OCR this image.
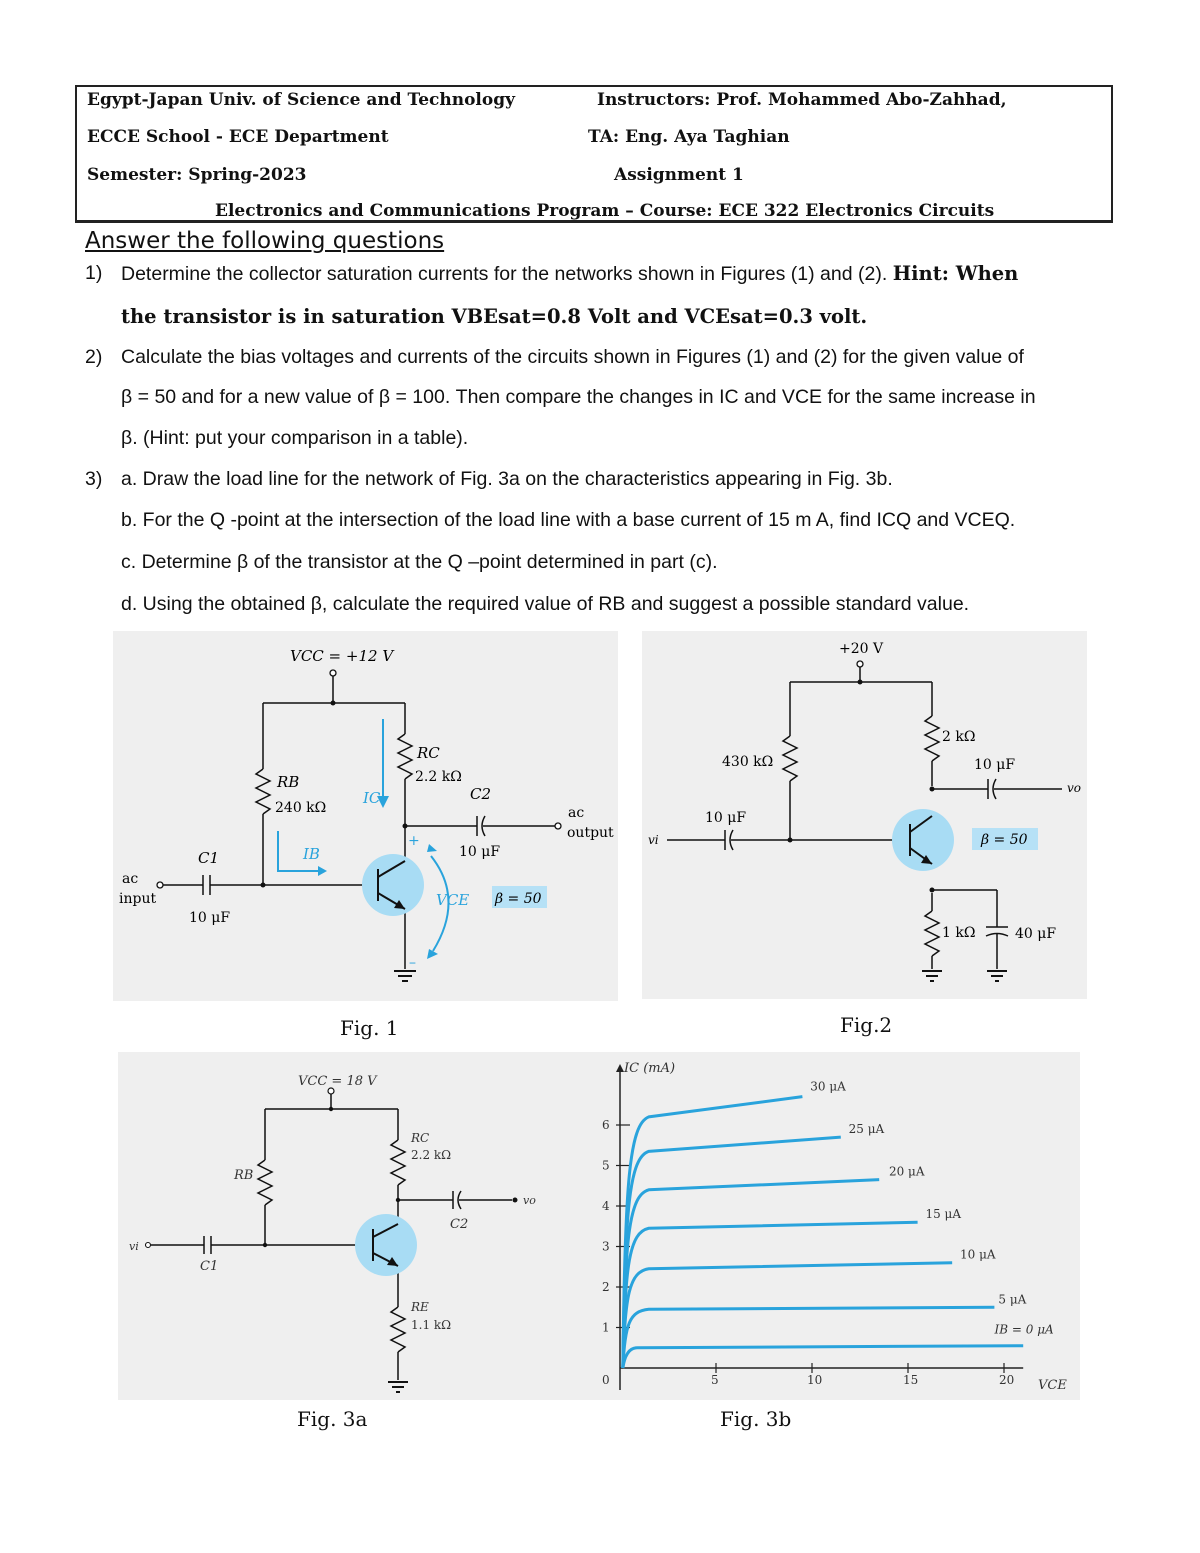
Egypt-Japan Univ. of Science and Technology	Instructors: Prof. Mohammed Abo-Zahhad,
ECCE School - ECE Department	TA: Eng. Aya Taghian
Semester: Spring-2023	Assignment 1
Electronics and Communications Program – Course: ECE 322 Electronics Circuits
Answer the following questions
1) Determine the collector saturation currents for the networks shown in Figures (1) and (2). Hint: When
the transistor is in saturation VBEsat=0.8 Volt and VCEsat=0.3 volt.
2) Calculate the bias voltages and currents of the circuits shown in Figures (1) and (2) for the given value of
β = 50 and for a new value of β = 100. Then compare the changes in IC and VCE for the same increase in
β. (Hint: put your comparison in a table).
3) a. Draw the load line for the network of Fig. 3a on the characteristics appearing in Fig. 3b.
b. For the Q -point at the intersection of the load line with a base current of 15 m A, find ICQ and VCEQ.
c. Determine β of the transistor at the Q –point determined in part (c).
d. Using the obtained β, calculate the required value of RB and suggest a possible standard value.
VCC = +12 V
RB
240 kΩ
RC
2.2 kΩ
IC
IB
C1
10 μF
C2
10 μF
ac
input
ac
output
VCE β = 50
+
–
Fig. 1
+20 V
430 kΩ
2 kΩ
1 kΩ
10 μF
10 μF
40 μF
vi
vo
β = 50
Fig.2
VCC = 18 V
RB
RC
2.2 kΩ
RE
1.1 kΩ
C1
C2
vi
vo
Fig. 3a
IC (mA)
VCE
5	10	15	20
0
1
2
3
4
5
6
IB = 0 μA
5 μA
10 μA
15 μA
20 μA
25 μA
30 μA
Fig. 3b
